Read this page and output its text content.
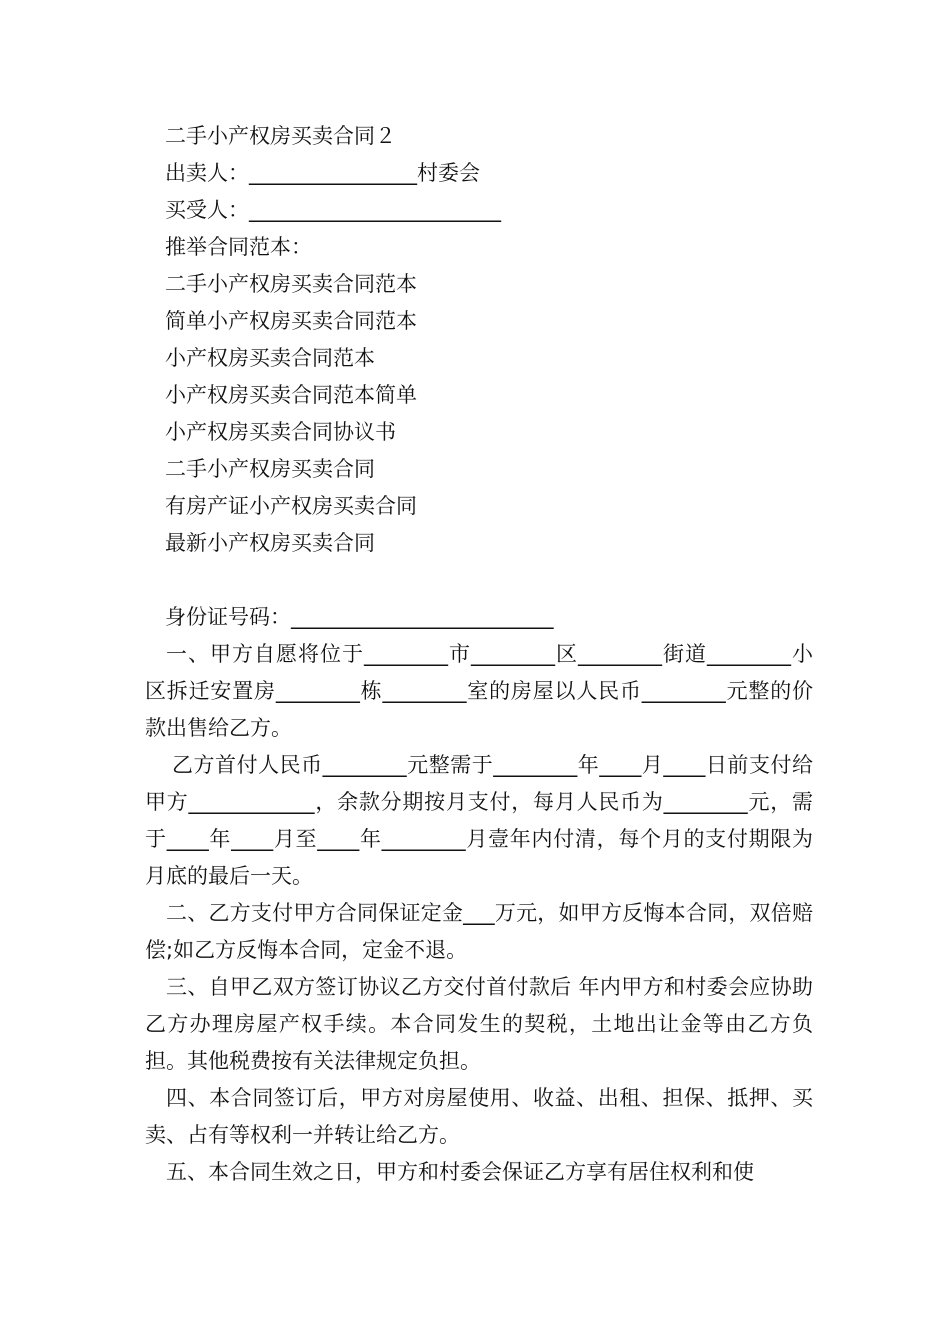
二手小产权房买卖合同２
出卖人：________________村委会
买受人：________________________
推举合同范本：
二手小产权房买卖合同范本
简单小产权房买卖合同范本
小产权房买卖合同范本
小产权房买卖合同范本简单
小产权房买卖合同协议书
二手小产权房买卖合同
有房产证小产权房买卖合同
最新小产权房买卖合同
身份证号码：_________________________

一、甲方自愿将位于________市________区________街道________小区拆迁安置房________栋________室的房屋以人民币________元整的价款出售给乙方。

乙方首付人民币________元整需于________年____月____日前支付给甲方____________，余款分期按月支付，每月人民币为________元，需于____年____月至____年________月壹年内付清，每个月的支付期限为月底的最后一天。

二、乙方支付甲方合同保证定金___万元，如甲方反悔本合同，双倍赔偿;如乙方反悔本合同，定金不退。

三、自甲乙双方签订协议乙方交付首付款后 年内甲方和村委会应协助乙方办理房屋产权手续。本合同发生的契税，土地出让金等由乙方负担。其他税费按有关法律规定负担。

四、本合同签订后，甲方对房屋使用、收益、出租、担保、抵押、买卖、占有等权利一并转让给乙方。

五、本合同生效之日，甲方和村委会保证乙方享有居住权利和使
